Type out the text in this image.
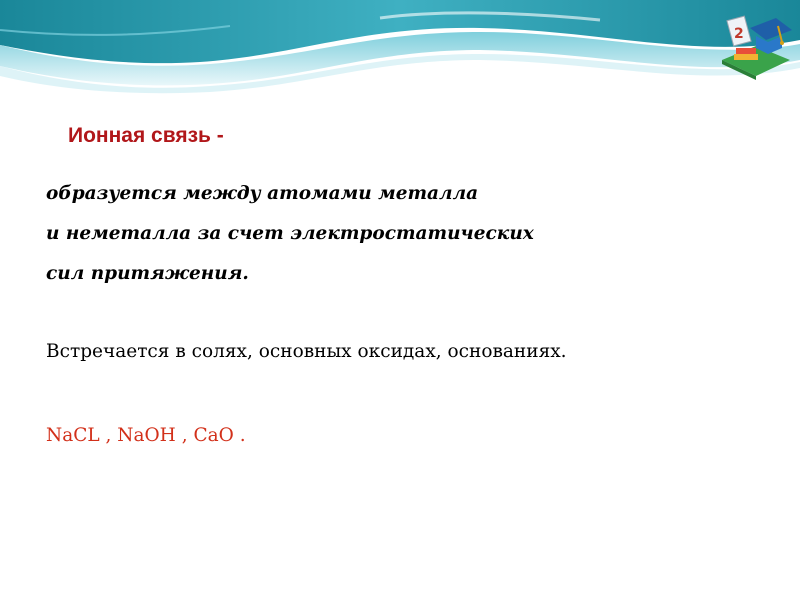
2
Ионная связь -
образуется между атомами металла
и неметалла за счет электростатических
сил притяжения.
Встречается в солях, основных оксидах, основаниях.
NaCL , NaOH , CaO .
